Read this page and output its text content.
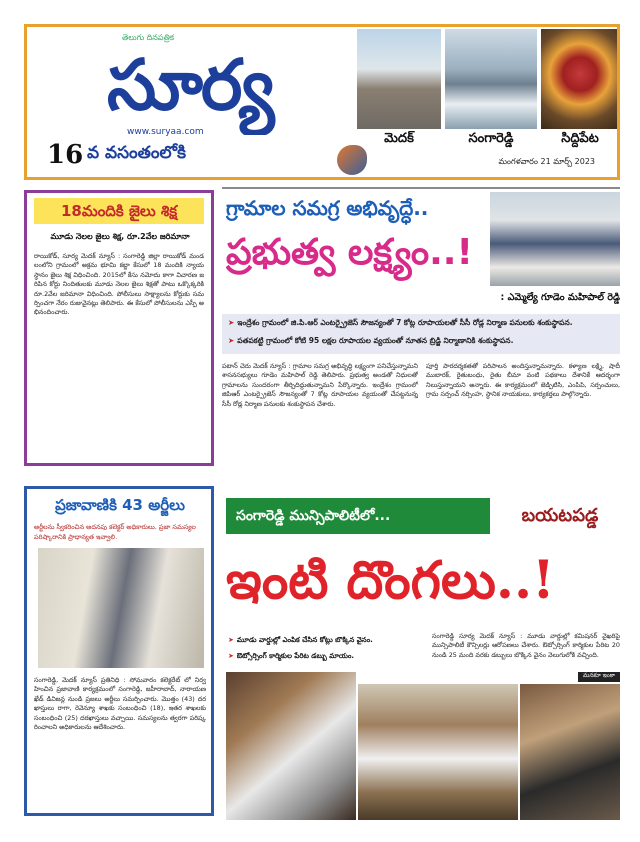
తెలుగు దినపత్రిక
సూర్య
www.suryaa.com
16 వ వసంతంలోకి
మెదక్	సంగారెడ్డి	సిద్దిపేట
మంగళవారం 21 మార్చ్ 2023
18మందికి జైలు శిక్ష
మూడు నెలల జైలు శిక్ష, రూ.2వేల జరిమానా
రాయికోడ్, సూర్య మెదక్ న్యూస్ : సంగారెడ్డి జిల్లా రాయికోడ్ మండలంలోని గ్రామంలో అక్రమ భూమి కబ్జా కేసులో 18 మందికి న్యాయస్థానం జైలు శిక్ష విధించింది. 2015లో కేసు నమోదు కాగా విచారణ జరిపిన కోర్టు నిందితులకు మూడు నెలల జైలు శిక్షతో పాటు ఒక్కొక్కరికి రూ.2వేల జరిమానా విధించింది. పోలీసులు సాక్ష్యాలను కోర్టుకు సమర్పించగా నేరం రుజువైనట్లు తెలిపారు. ఈ కేసులో పోలీసులను ఎస్పీ అభినందించారు.
ప్రజావాణికి 43 అర్జీలు
అర్జీలను స్వీకరించిన అదనపు కలెక్టర్ అధికారులు. ప్రజా సమస్యల పరిష్కారానికి ప్రాధాన్యత ఇవ్వాలి.
సంగారెడ్డి, మెదక్ న్యూస్ ప్రతినిధి : సోమవారం కలెక్టరేట్ లో నిర్వహించిన ప్రజావాణి కార్యక్రమంలో సంగారెడ్డి, జహీరాబాద్, నారాయణఖేడ్ డివిజన్ల నుండి ప్రజలు అర్జీలు సమర్పించారు. మొత్తం (43) దరఖాస్తులు రాగా, రెవెన్యూ శాఖకు సంబంధించి (18), ఇతర శాఖలకు సంబంధించి (25) దరఖాస్తులు వచ్చాయి. సమస్యలను త్వరగా పరిష్కరించాలని అధికారులను ఆదేశించారు.
గ్రామాల సమగ్ర అభివృద్ధే..
ప్రభుత్వ లక్ష్యం..!
: ఎమ్మెల్యే గూడెం మహిపాల్ రెడ్డి
➤ ఇంద్రేశం గ్రామంలో జి.పి.ఆర్ ఎంటర్ప్రైజెస్ సౌజన్యంతో 7 కోట్ల రూపాయలతో సీసీ రోడ్ల నిర్మాణ పనులకు శంకుస్థాపన.
➤ పతపకట్టి గ్రామంలో కోటి 95 లక్షల రూపాయల వ్యయంతో నూతన బ్రిడ్జి నిర్మాణానికి శంకుస్థాపన.
పటాన్ చెరు మెదక్ న్యూస్ : గ్రామాల సమగ్ర అభివృద్ధి లక్ష్యంగా పనిచేస్తున్నామని శాసనసభ్యులు గూడెం మహిపాల్ రెడ్డి తెలిపారు. ప్రభుత్వ అండతో నిధులతో గ్రామాలను సుందరంగా తీర్చిదిద్దుతున్నామని పేర్కొన్నారు. ఇంద్రేశం గ్రామంలో జిపిఆర్ ఎంటర్ప్రైజెస్ సౌజన్యంతో 7 కోట్ల రూపాయల వ్యయంతో చేపట్టనున్న సీసీ రోడ్ల నిర్మాణ పనులకు శంకుస్థాపన చేశారు.
పూర్తి పారదర్శకతతో పరిపాలన అందిస్తున్నామన్నారు. కళ్యాణ లక్ష్మి, షాదీ ముబారక్, రైతుబంధు, రైతు బీమా వంటి పథకాలు దేశానికే ఆదర్శంగా నిలుస్తున్నాయని అన్నారు. ఈ కార్యక్రమంలో జెడ్పిటిసి, ఎంపిపి, సర్పంచులు, గ్రామ సర్పంచ్ నర్సింహ, స్థానిక నాయకులు, కార్యకర్తలు పాల్గొన్నారు.
సంగారెడ్డి మున్సిపాలిటీలో...	బయటపడ్డ
ఇంటి దొంగలు..!
➤ మూడు వార్డుల్లో ఎంపిక చేసిన కోట్లు బొక్కిన వైనం.
➤ ఔట్సోర్సింగ్ కార్మికుల పేరిట డబ్బు మాయం.
సంగారెడ్డి సూర్య మెదక్ న్యూస్ : మూడు వార్డుల్లో కమిషనర్ వైఖరిపై మున్సిపాలిటీ కౌన్సిలర్లు ఆరోపణలు చేశారు. ఔట్సోర్సింగ్ కార్మికుల పేరిట 20 నుండి 25 మంది వరకు డబ్బులు బొక్కిన వైనం వెలుగులోకి వచ్చింది.
మనకూ ఇంకా
